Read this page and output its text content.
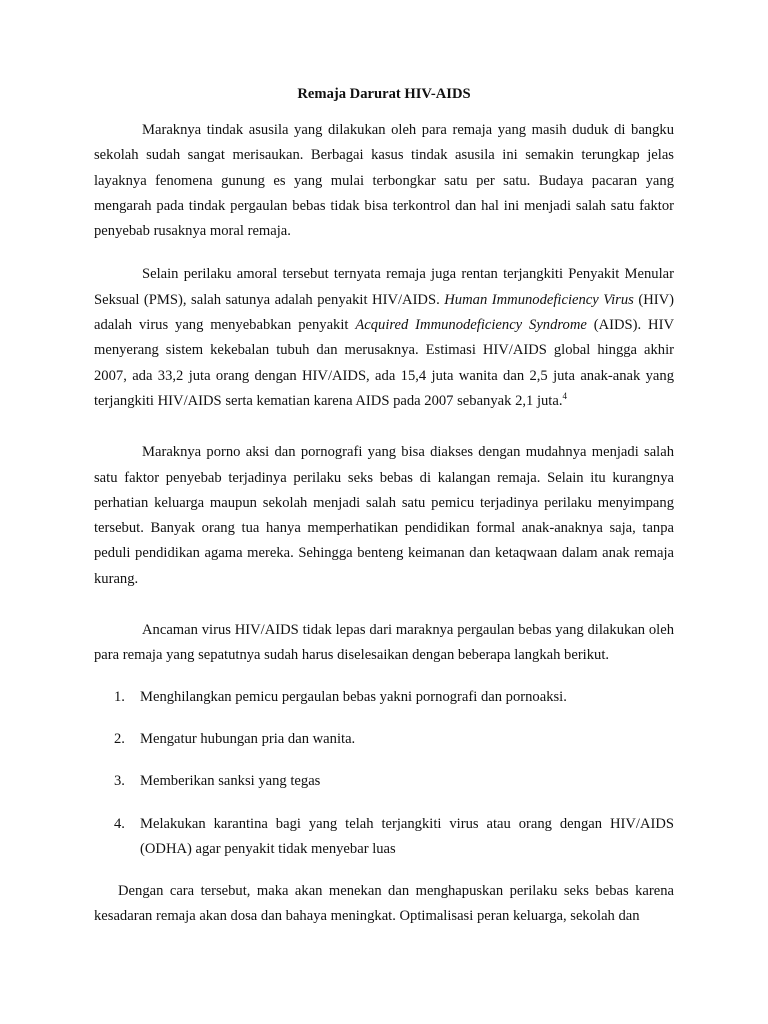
Remaja Darurat HIV-AIDS

Maraknya tindak asusila yang dilakukan oleh para remaja yang masih duduk di bangku sekolah sudah sangat merisaukan. Berbagai kasus tindak asusila ini semakin terungkap jelas layaknya fenomena gunung es yang mulai terbongkar satu per satu. Budaya pacaran yang mengarah pada tindak pergaulan bebas tidak bisa terkontrol dan hal ini menjadi salah satu faktor penyebab rusaknya moral remaja.

Selain perilaku amoral tersebut ternyata remaja juga rentan terjangkiti Penyakit Menular Seksual (PMS), salah satunya adalah penyakit HIV/AIDS. Human Immunodeficiency Virus (HIV) adalah virus yang menyebabkan penyakit Acquired Immunodeficiency Syndrome (AIDS). HIV menyerang sistem kekebalan tubuh dan merusaknya. Estimasi HIV/AIDS global hingga akhir 2007, ada 33,2 juta orang dengan HIV/AIDS, ada 15,4 juta wanita dan 2,5 juta anak-anak yang terjangkiti HIV/AIDS serta kematian karena AIDS pada 2007 sebanyak 2,1 juta.$^4$

Maraknya porno aksi dan pornografi yang bisa diakses dengan mudahnya menjadi salah satu faktor penyebab terjadinya perilaku seks bebas di kalangan remaja. Selain itu kurangnya perhatian keluarga maupun sekolah menjadi salah satu pemicu terjadinya perilaku menyimpang tersebut. Banyak orang tua hanya memperhatikan pendidikan formal anak-anaknya saja, tanpa peduli pendidikan agama mereka. Sehingga benteng keimanan dan ketaqwaan dalam anak remaja kurang.

Ancaman virus HIV/AIDS tidak lepas dari maraknya pergaulan bebas yang dilakukan oleh para remaja yang sepatutnya sudah harus diselesaikan dengan beberapa langkah berikut.

1. Menghilangkan pemicu pergaulan bebas yakni pornografi dan pornoaksi.
2. Mengatur hubungan pria dan wanita.
3. Memberikan sanksi yang tegas
4. Melakukan karantina bagi yang telah terjangkiti virus atau orang dengan HIV/AIDS (ODHA) agar penyakit tidak menyebar luas

Dengan cara tersebut, maka akan menekan dan menghapuskan perilaku seks bebas karena kesadaran remaja akan dosa dan bahaya meningkat. Optimalisasi peran keluarga, sekolah dan
